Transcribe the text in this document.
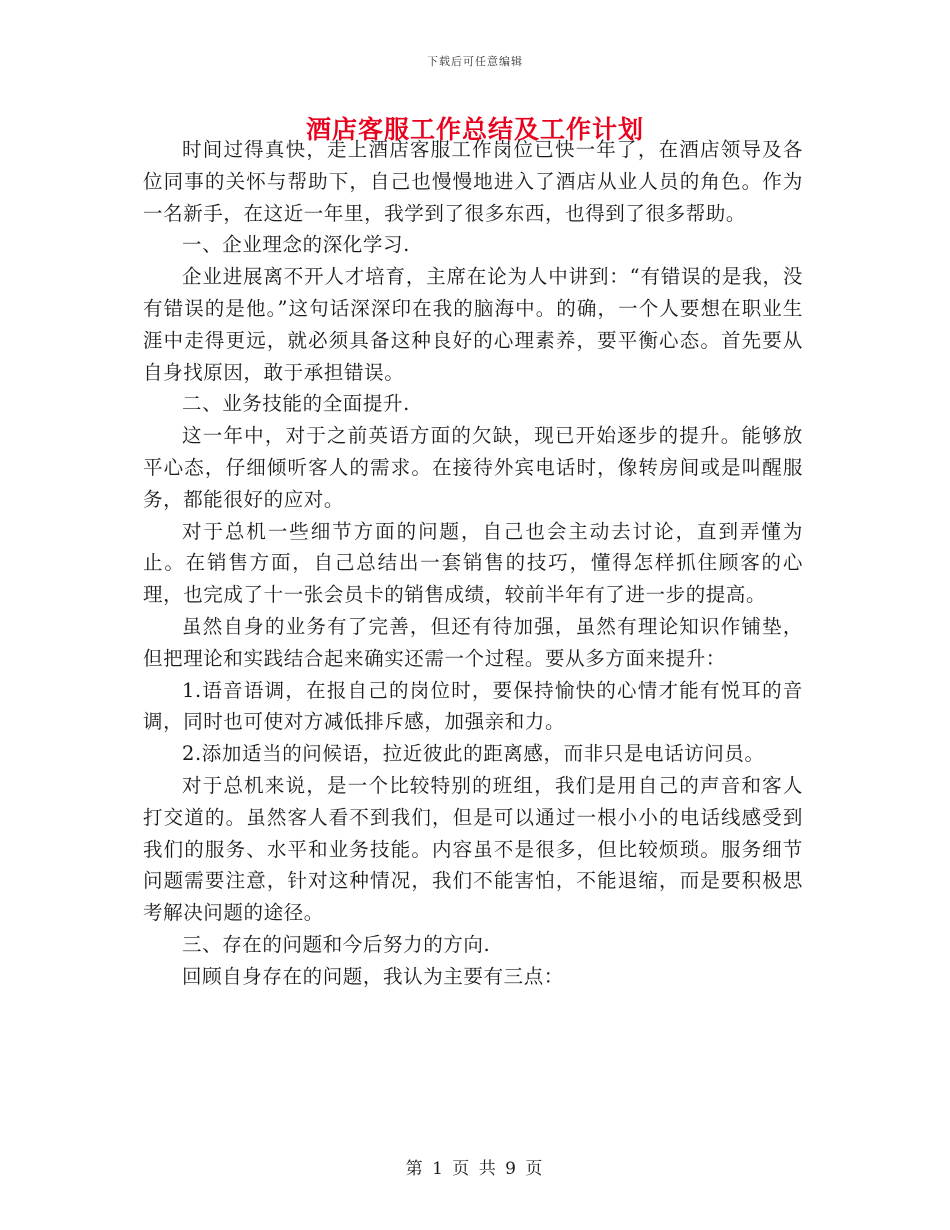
下载后可任意编辑
酒店客服工作总结及工作计划

时间过得真快，走上酒店客服工作岗位已快一年了，在酒店领导及各位同事的关怀与帮助下，自己也慢慢地进入了酒店从业人员的角色。作为一名新手，在这近一年里，我学到了很多东西，也得到了很多帮助。

一、企业理念的深化学习.

企业进展离不开人才培育，主席在论为人中讲到：“有错误的是我，没有错误的是他。”这句话深深印在我的脑海中。的确，一个人要想在职业生涯中走得更远，就必须具备这种良好的心理素养，要平衡心态。首先要从自身找原因，敢于承担错误。

二、业务技能的全面提升.

这一年中，对于之前英语方面的欠缺，现已开始逐步的提升。能够放平心态，仔细倾听客人的需求。在接待外宾电话时，像转房间或是叫醒服务，都能很好的应对。

对于总机一些细节方面的问题，自己也会主动去讨论，直到弄懂为止。在销售方面，自己总结出一套销售的技巧，懂得怎样抓住顾客的心理，也完成了十一张会员卡的销售成绩，较前半年有了进一步的提高。

虽然自身的业务有了完善，但还有待加强，虽然有理论知识作铺垫，但把理论和实践结合起来确实还需一个过程。要从多方面来提升：

1.语音语调，在报自己的岗位时，要保持愉快的心情才能有悦耳的音调，同时也可使对方减低排斥感，加强亲和力。

2.添加适当的问候语，拉近彼此的距离感，而非只是电话访问员。

对于总机来说，是一个比较特别的班组，我们是用自己的声音和客人打交道的。虽然客人看不到我们，但是可以通过一根小小的电话线感受到我们的服务、水平和业务技能。内容虽不是很多，但比较烦琐。服务细节问题需要注意，针对这种情况，我们不能害怕，不能退缩，而是要积极思考解决问题的途径。

三、存在的问题和今后努力的方向.

回顾自身存在的问题，我认为主要有三点：

第 1 页 共 9 页
